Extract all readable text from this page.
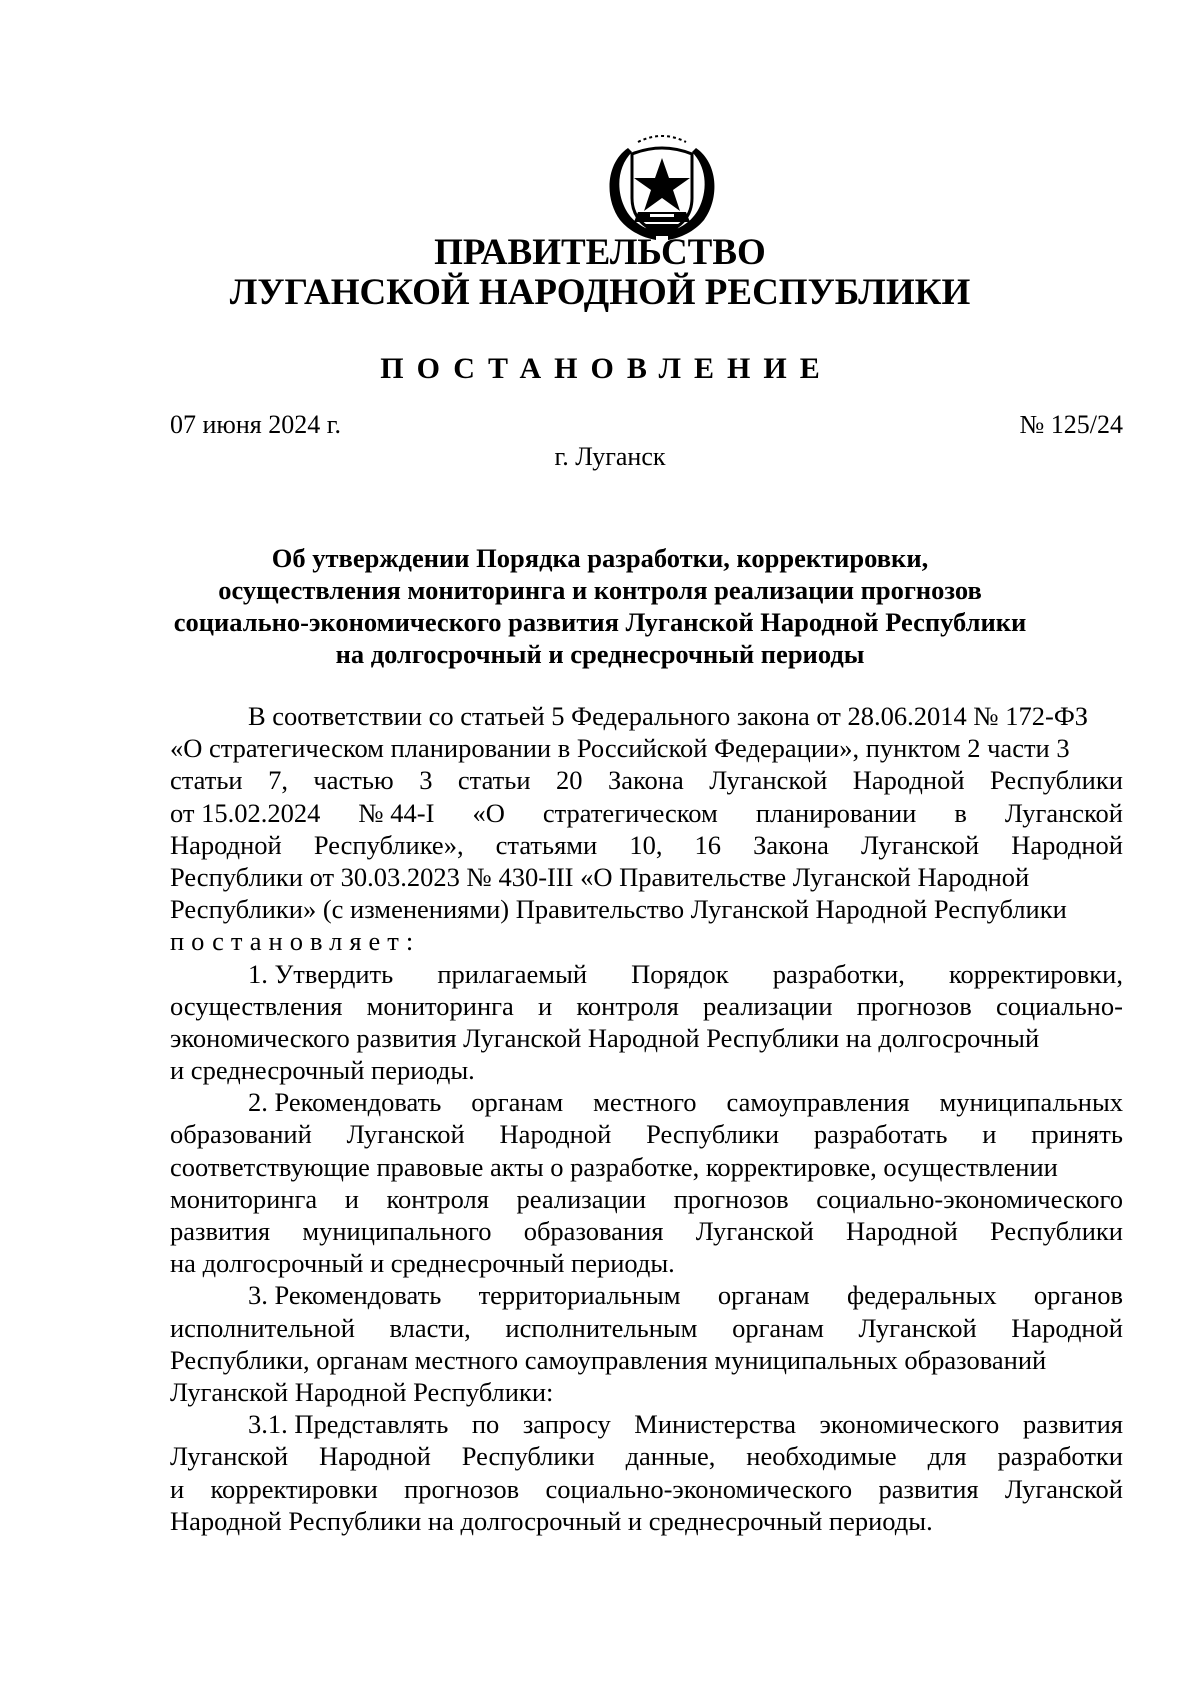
ПРАВИТЕЛЬСТВО
ЛУГАНСКОЙ НАРОДНОЙ РЕСПУБЛИКИ
ПОСТАНОВЛЕНИЕ
07 июня 2024 г.	№ 125/24
г. Луганск
Об утверждении Порядка разработки, корректировки,
осуществления мониторинга и контроля реализации прогнозов
социально-экономического развития Луганской Народной Республики
на долгосрочный и среднесрочный периоды
В соответствии со статьей 5 Федерального закона от 28.06.2014 № 172-ФЗ
«О стратегическом планировании в Российской Федерации», пунктом 2 части 3
статьи 7, частью 3 статьи 20 Закона Луганской Народной Республики
от 15.02.2024 № 44-I «О стратегическом планировании в Луганской
Народной Республике», статьями 10, 16 Закона Луганской Народной
Республики от 30.03.2023 № 430-III «О Правительстве Луганской Народной
Республики» (с изменениями) Правительство Луганской Народной Республики
постановляет:
1. Утвердить прилагаемый Порядок разработки, корректировки,
осуществления мониторинга и контроля реализации прогнозов социально-
экономического развития Луганской Народной Республики на долгосрочный
и среднесрочный периоды.
2. Рекомендовать органам местного самоуправления муниципальных
образований Луганской Народной Республики разработать и принять
соответствующие правовые акты о разработке, корректировке, осуществлении
мониторинга и контроля реализации прогнозов социально-экономического
развития муниципального образования Луганской Народной Республики
на долгосрочный и среднесрочный периоды.
3. Рекомендовать территориальным органам федеральных органов
исполнительной власти, исполнительным органам Луганской Народной
Республики, органам местного самоуправления муниципальных образований
Луганской Народной Республики:
3.1. Представлять по запросу Министерства экономического развития
Луганской Народной Республики данные, необходимые для разработки
и корректировки прогнозов социально-экономического развития Луганской
Народной Республики на долгосрочный и среднесрочный периоды.
